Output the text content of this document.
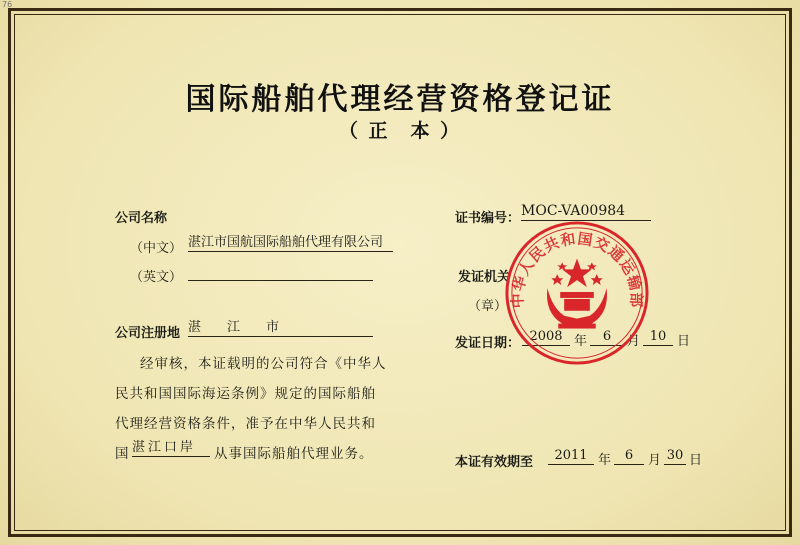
76
国际船舶代理经营资格登记证
（ 正　本 ）
公司名称
（中文） 湛江市国航国际船舶代理有限公司
（英文）
公司注册地 湛　　江　　市
经审核，本证载明的公司符合《中华人
民共和国国际海运条例》规定的国际船舶
代理经营资格条件，准予在中华人民共和
国 湛江口岸	从事国际船舶代理业务。
证书编号： MOC-VA00984
发证机关
（章）
发证日期： 2008 年	6	月 10 日
本证有效期至	2011 年	6	月 30 日
中华人民共和国交通运输部
